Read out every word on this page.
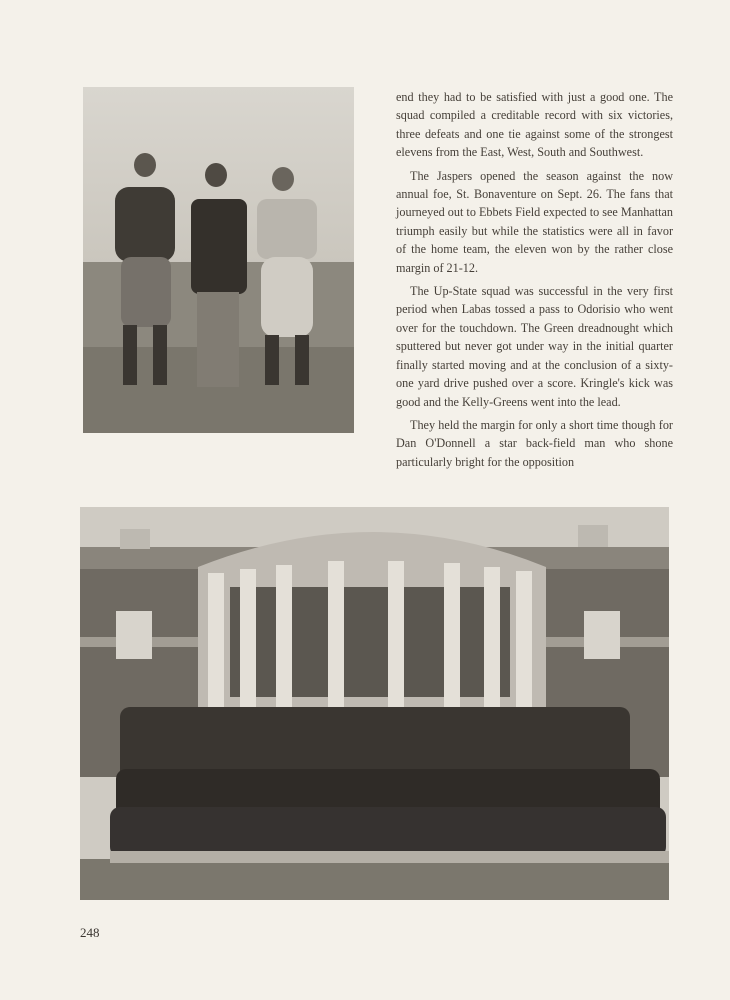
end they had to be satisfied with just a good one. The squad compiled a creditable record with six victories, three defeats and one tie against some of the strongest elevens from the East, West, South and Southwest.

The Jaspers opened the season against the now annual foe, St. Bonaventure on Sept. 26. The fans that journeyed out to Ebbets Field expected to see Manhattan triumph easily but while the statistics were all in favor of the home team, the eleven won by the rather close margin of 21-12.

The Up-State squad was successful in the very first period when Labas tossed a pass to Odorisio who went over for the touchdown. The Green dreadnought which sputtered but never got under way in the initial quarter finally started moving and at the conclusion of a sixty-one yard drive pushed over a score. Kringle's kick was good and the Kelly-Greens went into the lead.

They held the margin for only a short time though for Dan O'Donnell a star back-field man who shone particularly bright for the opposition

248
